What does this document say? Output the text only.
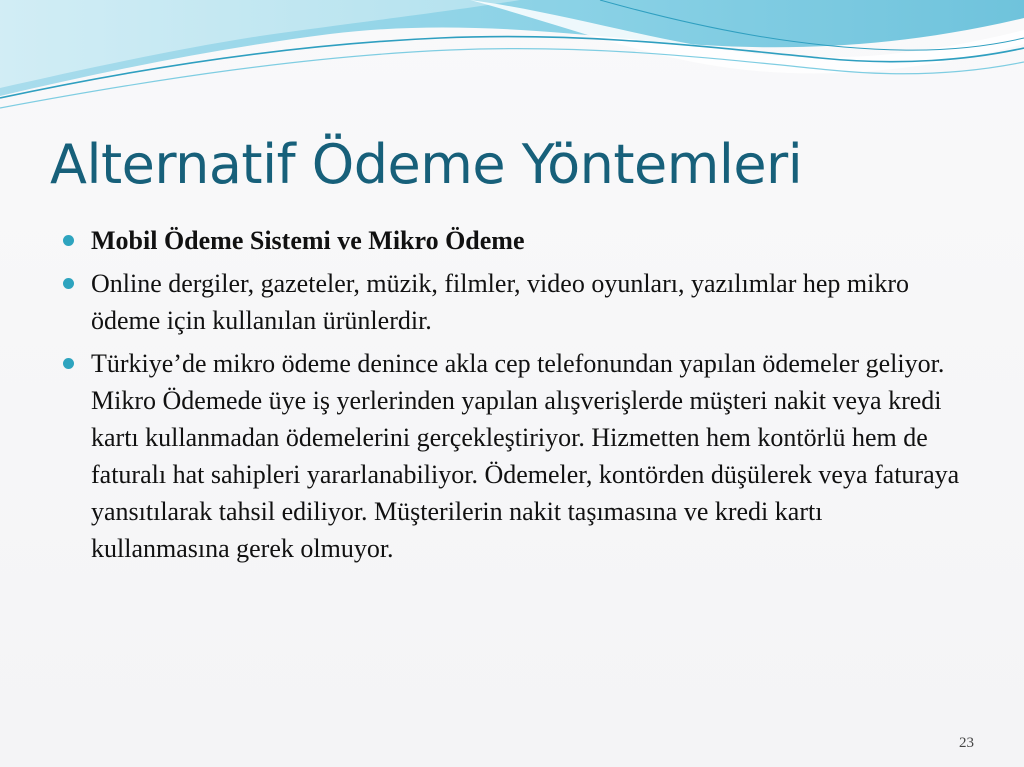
Alternatif Ödeme Yöntemleri
Mobil Ödeme Sistemi ve Mikro Ödeme
Online dergiler, gazeteler, müzik, filmler, video oyunları, yazılımlar hep mikro ödeme için kullanılan ürünlerdir.
Türkiye’de mikro ödeme denince akla cep telefonundan yapılan ödemeler geliyor. Mikro Ödemede üye iş yerlerinden yapılan alışverişlerde müşteri nakit veya kredi kartı kullanmadan ödemelerini gerçekleştiriyor. Hizmetten hem kontörlü hem de faturalı hat sahipleri yararlanabiliyor. Ödemeler, kontörden düşülerek veya faturaya yansıtılarak tahsil ediliyor. Müşterilerin nakit taşımasına ve kredi kartı kullanmasına gerek olmuyor.
23
